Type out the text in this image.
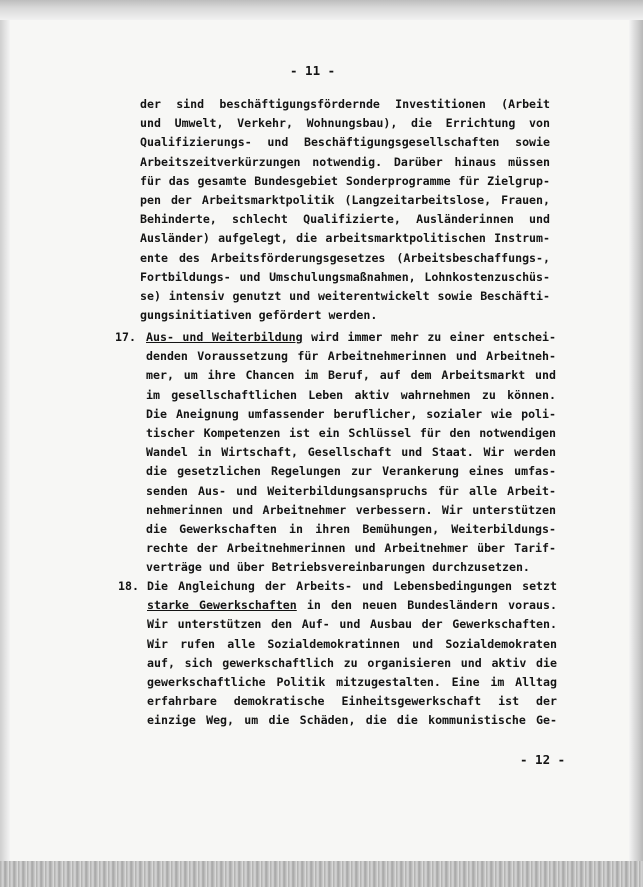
- 11 -
der sind beschäftigungsfördernde Investitionen (Arbeit
und Umwelt, Verkehr, Wohnungsbau), die Errichtung von
Qualifizierungs- und Beschäftigungsgesellschaften sowie
Arbeitszeitverkürzungen notwendig. Darüber hinaus müssen
für das gesamte Bundesgebiet Sonderprogramme für Zielgrup-
pen der Arbeitsmarktpolitik (Langzeitarbeitslose, Frauen,
Behinderte, schlecht Qualifizierte, Ausländerinnen und
Ausländer) aufgelegt, die arbeitsmarktpolitischen Instrum-
ente des Arbeitsförderungsgesetzes (Arbeitsbeschaffungs-,
Fortbildungs- und Umschulungsmaßnahmen, Lohnkostenzuschüs-
se) intensiv genutzt und weiterentwickelt sowie Beschäfti-
gungsinitiativen gefördert werden.
17. Aus- und Weiterbildung wird immer mehr zu einer entschei-
denden Voraussetzung für Arbeitnehmerinnen und Arbeitneh-
mer, um ihre Chancen im Beruf, auf dem Arbeitsmarkt und
im gesellschaftlichen Leben aktiv wahrnehmen zu können.
Die Aneignung umfassender beruflicher, sozialer wie poli-
tischer Kompetenzen ist ein Schlüssel für den notwendigen
Wandel in Wirtschaft, Gesellschaft und Staat. Wir werden
die gesetzlichen Regelungen zur Verankerung eines umfas-
senden Aus- und Weiterbildungsanspruchs für alle Arbeit-
nehmerinnen und Arbeitnehmer verbessern. Wir unterstützen
die Gewerkschaften in ihren Bemühungen, Weiterbildungs-
rechte der Arbeitnehmerinnen und Arbeitnehmer über Tarif-
verträge und über Betriebsvereinbarungen durchzusetzen.
18. Die Angleichung der Arbeits- und Lebensbedingungen setzt
starke Gewerkschaften in den neuen Bundesländern voraus.
Wir unterstützen den Auf- und Ausbau der Gewerkschaften.
Wir rufen alle Sozialdemokratinnen und Sozialdemokraten
auf, sich gewerkschaftlich zu organisieren und aktiv die
gewerkschaftliche Politik mitzugestalten. Eine im Alltag
erfahrbare demokratische Einheitsgewerkschaft ist der
einzige Weg, um die Schäden, die die kommunistische Ge-
- 12 -
